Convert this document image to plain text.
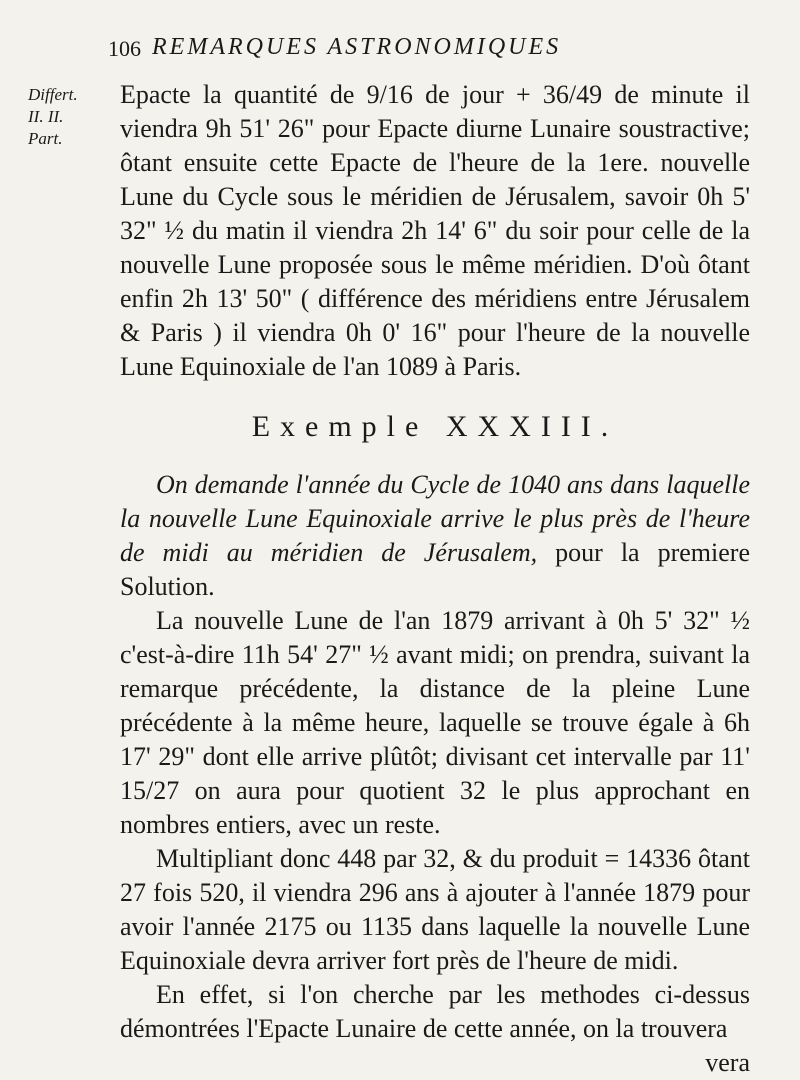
106 REMARQUES ASTRONOMIQUES
Differt. II. II. Part.

Epacte la quantité de 9/16 de jour + 36/49 de minute il viendra 9h 51' 26" pour Epacte diurne Lunaire soustractive; ôtant ensuite cette Epacte de l'heure de la 1ere. nouvelle Lune du Cycle sous le méridien de Jérusalem, savoir 0h 5' 32" ½ du matin il viendra 2h 14' 6" du soir pour celle de la nouvelle Lune proposée sous le même méridien. D'où ôtant enfin 2h 13' 50" ( différence des méridiens entre Jérusalem & Paris ) il viendra 0h 0' 16" pour l'heure de la nouvelle Lune Equinoxiale de l'an 1089 à Paris.

Exemple XXXIII.

On demande l'année du Cycle de 1040 ans dans laquelle la nouvelle Lune Equinoxiale arrive le plus près de l'heure de midi au méridien de Jérusalem, pour la premiere Solution.

La nouvelle Lune de l'an 1879 arrivant à 0h 5' 32" ½ c'est-à-dire 11h 54' 27" ½ avant midi; on prendra, suivant la remarque précédente, la distance de la pleine Lune précédente à la même heure, laquelle se trouve égale à 6h 17' 29" dont elle arrive plûtôt; divisant cet intervalle par 11' 15/27 on aura pour quotient 32 le plus approchant en nombres entiers, avec un reste.

Multipliant donc 448 par 32, & du produit = 14336 ôtant 27 fois 520, il viendra 296 ans à ajouter à l'année 1879 pour avoir l'année 2175 ou 1135 dans laquelle la nouvelle Lune Equinoxiale devra arriver fort près de l'heure de midi.

En effet, si l'on cherche par les methodes ci-dessus démontrées l'Epacte Lunaire de cette année, on la trouvera

vera
